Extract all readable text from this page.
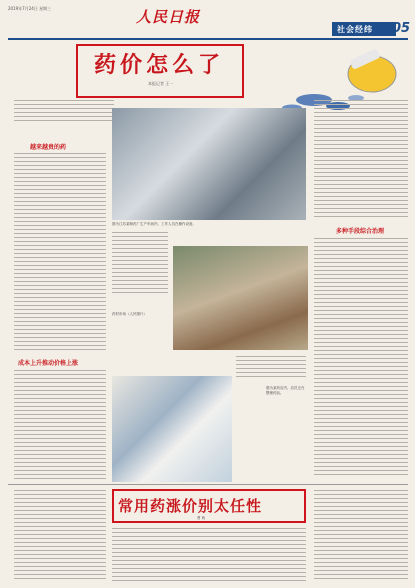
2019年7月24日 星期三	人民日报
社会经纬 05
药价怎么了
本报记者 王一
越来越贵的药
成本上升推动价格上涨
图为江苏某制药厂生产车间内，工作人员在操作设备。
药材市场（人民图片）
图为某药店内，店员正在整理药品。
多种手段综合治理
常用药涨价别太任性
曹 萌
